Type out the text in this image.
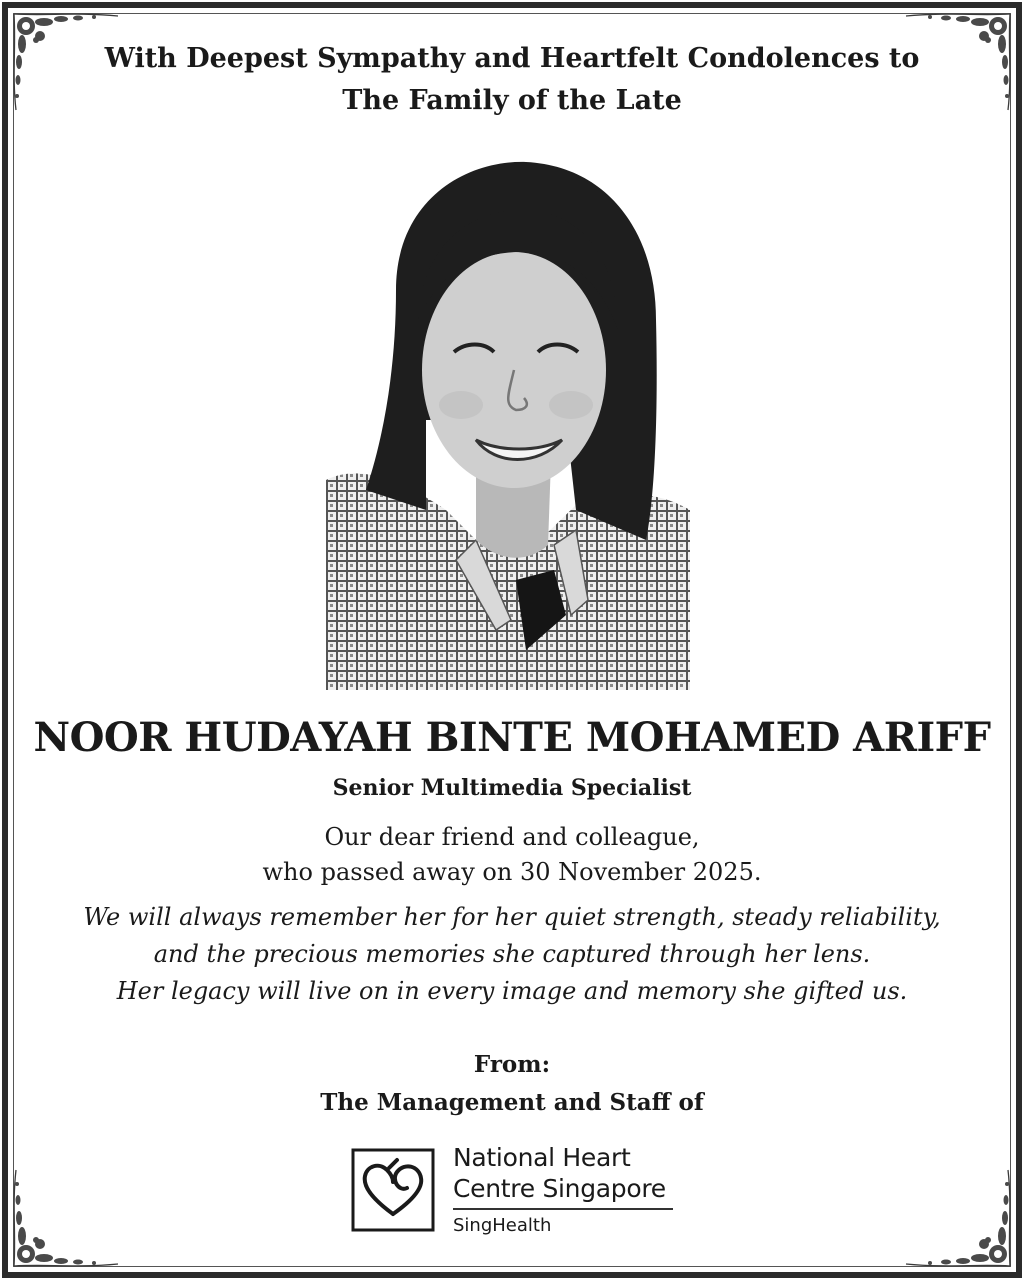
With Deepest Sympathy and Heartfelt Condolences to
The Family of the Late
NOOR HUDAYAH BINTE MOHAMED ARIFF
Senior Multimedia Specialist
Our dear friend and colleague,
who passed away on 30 November 2025.
We will always remember her for her quiet strength, steady reliability,
and the precious memories she captured through her lens.
Her legacy will live on in every image and memory she gifted us.
From:
The Management and Staff of
National Heart
Centre Singapore
SingHealth
